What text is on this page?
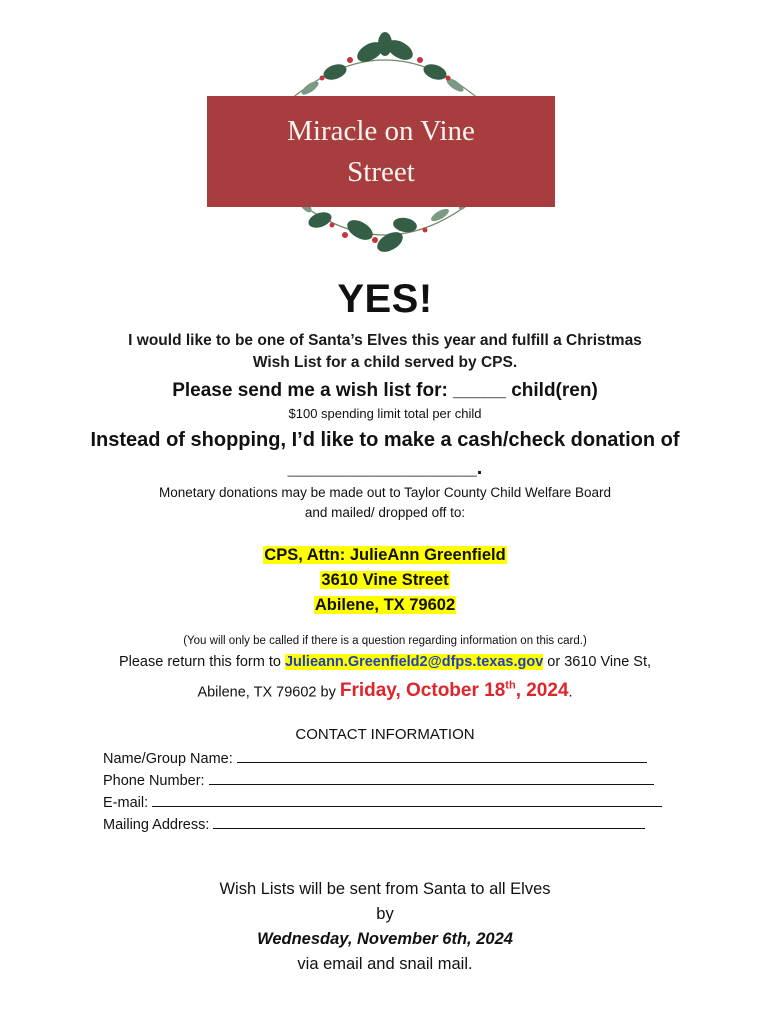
Miracle on Vine Street
YES!
I would like to be one of Santa’s Elves this year and fulfill a Christmas
Wish List for a child served by CPS.
Please send me a wish list for: _____ child(ren)
$100 spending limit total per child
Instead of shopping, I’d like to make a cash/check donation of
_________________.
Monetary donations may be made out to Taylor County Child Welfare Board
and mailed/ dropped off to:
CPS, Attn: JulieAnn Greenfield
3610 Vine Street
Abilene, TX 79602
(You will only be called if there is a question regarding information on this card.)
Please return this form to Julieann.Greenfield2@dfps.texas.gov or 3610 Vine St,
Abilene, TX 79602 by Friday, October 18th, 2024.
CONTACT INFORMATION
Name/Group Name:
Phone Number:
E-mail:
Mailing Address:
Wish Lists will be sent from Santa to all Elves
by
Wednesday, November 6th, 2024
via email and snail mail.
